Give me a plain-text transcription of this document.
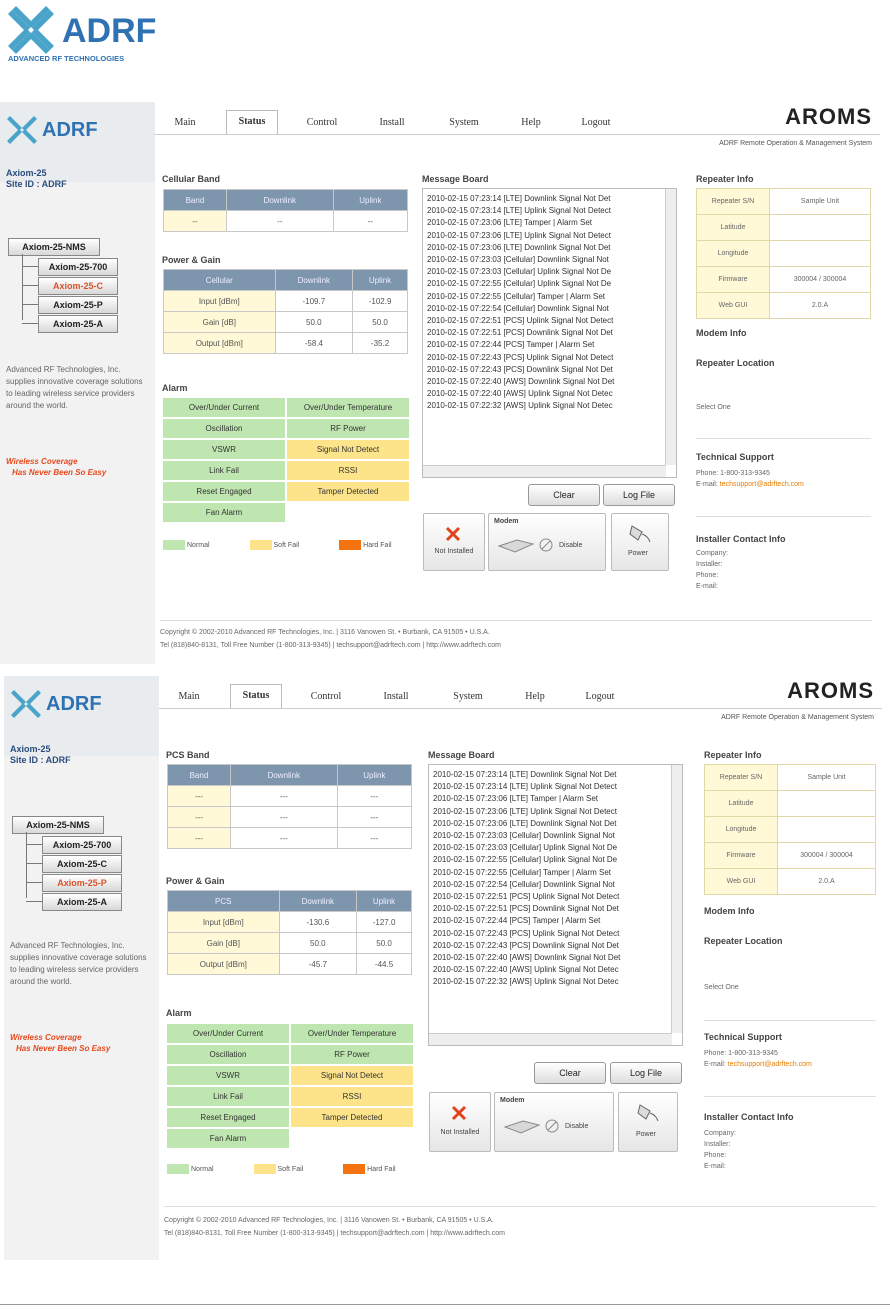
ADRF
ADVANCED RF TECHNOLOGIES
ADRF
Axiom-25
Site ID : ADRF
Axiom-25-NMS
Axiom-25-700
Axiom-25-C
Axiom-25-P
Axiom-25-A
Advanced RF Technologies, Inc. supplies innovative coverage solutions to leading wireless service providers around the world.
Wireless Coverage
Has Never Been So Easy
Main	Status	Control	Install	System	Help	Logout	AROMS
ADRF Remote Operation & Management System
Cellular Band
Band	Downlink	Uplink
--	--	--
Power & Gain
Cellular	Downlink	Uplink
Input [dBm]	-109.7	-102.9
Gain [dB]	50.0	50.0
Output [dBm]	-58.4	-35.2
Alarm
Over/Under Current	Over/Under Temperature
Oscillation	RF Power
VSWR	Signal Not Detect
Link Fail	RSSI
Reset Engaged	Tamper Detected
Fan Alarm
Normal	Soft Fail	Hard Fail
Message Board
2010-02-15 07:23:14 [LTE] Downlink Signal Not Det
2010-02-15 07:23:14 [LTE] Uplink Signal Not Detect
2010-02-15 07:23:06 [LTE] Tamper | Alarm Set
2010-02-15 07:23:06 [LTE] Uplink Signal Not Detect
2010-02-15 07:23:06 [LTE] Downlink Signal Not Det
2010-02-15 07:23:03 [Cellular] Downlink Signal Not
2010-02-15 07:23:03 [Cellular] Uplink Signal Not De
2010-02-15 07:22:55 [Cellular] Uplink Signal Not De
2010-02-15 07:22:55 [Cellular] Tamper | Alarm Set
2010-02-15 07:22:54 [Cellular] Downlink Signal Not
2010-02-15 07:22:51 [PCS] Uplink Signal Not Detect
2010-02-15 07:22:51 [PCS] Downlink Signal Not Det
2010-02-15 07:22:44 [PCS] Tamper | Alarm Set
2010-02-15 07:22:43 [PCS] Uplink Signal Not Detect
2010-02-15 07:22:43 [PCS] Downlink Signal Not Det
2010-02-15 07:22:40 [AWS] Downlink Signal Not Det
2010-02-15 07:22:40 [AWS] Uplink Signal Not Detec
2010-02-15 07:22:32 [AWS] Uplink Signal Not Detec
Clear	Log File
Not Installed
Modem
Disable
Power
Repeater Info
Repeater S/N	Sample Unit
Latitude	
Longitude	
Firmware	300004 / 300004
Web GUI	2.0.A
Modem Info
Repeater Location
Select One
Technical Support
Phone: 1-800-313-9345
E-mail: techsupport@adrftech.com
Installer Contact Info
Company:
Installer:
Phone:
E-mail:
Copyright © 2002-2010 Advanced RF Technologies, Inc. | 3116 Vanowen St. • Burbank, CA 91505 • U.S.A.
Tel (818)840-8131, Toll Free Number (1-800-313-9345) | techsupport@adrftech.com | http://www.adrftech.com
ADRF
Axiom-25
Site ID : ADRF
Axiom-25-NMS
Axiom-25-700
Axiom-25-C
Axiom-25-P
Axiom-25-A
Advanced RF Technologies, Inc. supplies innovative coverage solutions to leading wireless service providers around the world.
Wireless Coverage
Has Never Been So Easy
Main	Status	Control	Install	System	Help	Logout	AROMS
ADRF Remote Operation & Management System
PCS Band
Band	Downlink	Uplink
---	---	---
---	---	---
---	---	---
Power & Gain
PCS	Downlink	Uplink
Input [dBm]	-130.6	-127.0
Gain [dB]	50.0	50.0
Output [dBm]	-45.7	-44.5
Alarm
Over/Under Current	Over/Under Temperature
Oscillation	RF Power
VSWR	Signal Not Detect
Link Fail	RSSI
Reset Engaged	Tamper Detected
Fan Alarm
Normal	Soft Fail	Hard Fail
Message Board
2010-02-15 07:23:14 [LTE] Downlink Signal Not Det
2010-02-15 07:23:14 [LTE] Uplink Signal Not Detect
2010-02-15 07:23:06 [LTE] Tamper | Alarm Set
2010-02-15 07:23:06 [LTE] Uplink Signal Not Detect
2010-02-15 07:23:06 [LTE] Downlink Signal Not Det
2010-02-15 07:23:03 [Cellular] Downlink Signal Not
2010-02-15 07:23:03 [Cellular] Uplink Signal Not De
2010-02-15 07:22:55 [Cellular] Uplink Signal Not De
2010-02-15 07:22:55 [Cellular] Tamper | Alarm Set
2010-02-15 07:22:54 [Cellular] Downlink Signal Not
2010-02-15 07:22:51 [PCS] Uplink Signal Not Detect
2010-02-15 07:22:51 [PCS] Downlink Signal Not Det
2010-02-15 07:22:44 [PCS] Tamper | Alarm Set
2010-02-15 07:22:43 [PCS] Uplink Signal Not Detect
2010-02-15 07:22:43 [PCS] Downlink Signal Not Det
2010-02-15 07:22:40 [AWS] Downlink Signal Not Det
2010-02-15 07:22:40 [AWS] Uplink Signal Not Detec
2010-02-15 07:22:32 [AWS] Uplink Signal Not Detec
Clear	Log File
Not Installed
Modem
Disable
Power
Repeater Info
Repeater S/N	Sample Unit
Latitude	
Longitude	
Firmware	300004 / 300004
Web GUI	2.0.A
Modem Info
Repeater Location
Select One
Technical Support
Phone: 1-800-313-9345
E-mail: techsupport@adrftech.com
Installer Contact Info
Company:
Installer:
Phone:
E-mail:
Copyright © 2002-2010 Advanced RF Technologies, Inc. | 3116 Vanowen St. • Burbank, CA 91505 • U.S.A.
Tel (818)840-8131, Toll Free Number (1-800-313-9345) | techsupport@adrftech.com | http://www.adrftech.com
